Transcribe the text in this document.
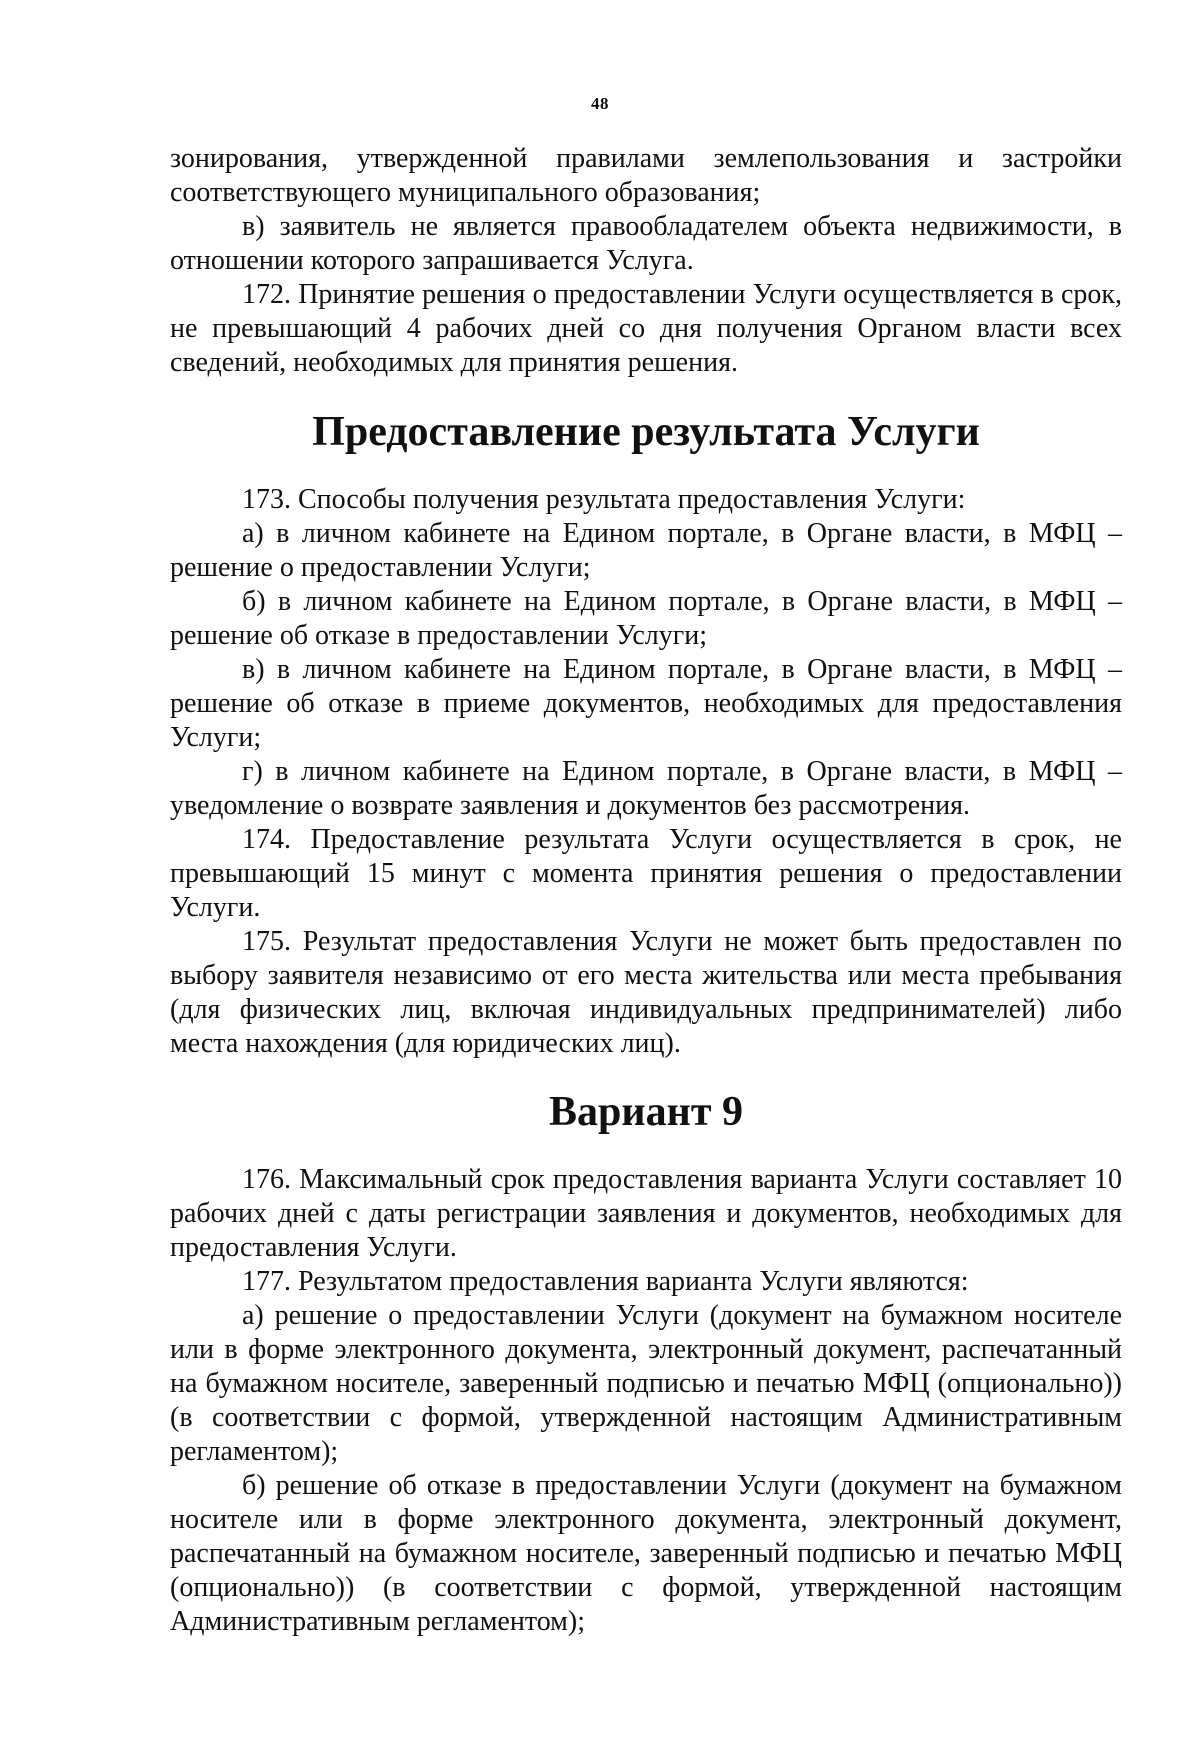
48

зонирования, утвержденной правилами землепользования и застройки соответствующего муниципального образования;

в) заявитель не является правообладателем объекта недвижимости, в отношении которого запрашивается Услуга.

172. Принятие решения о предоставлении Услуги осуществляется в срок, не превышающий 4 рабочих дней со дня получения Органом власти всех сведений, необходимых для принятия решения.

Предоставление результата Услуги

173. Способы получения результата предоставления Услуги:

а) в личном кабинете на Едином портале, в Органе власти, в МФЦ – решение о предоставлении Услуги;

б) в личном кабинете на Едином портале, в Органе власти, в МФЦ – решение об отказе в предоставлении Услуги;

в) в личном кабинете на Едином портале, в Органе власти, в МФЦ – решение об отказе в приеме документов, необходимых для предоставления Услуги;

г) в личном кабинете на Едином портале, в Органе власти, в МФЦ – уведомление о возврате заявления и документов без рассмотрения.

174. Предоставление результата Услуги осуществляется в срок, не превышающий 15 минут с момента принятия решения о предоставлении Услуги.

175. Результат предоставления Услуги не может быть предоставлен по выбору заявителя независимо от его места жительства или места пребывания (для физических лиц, включая индивидуальных предпринимателей) либо места нахождения (для юридических лиц).

Вариант 9

176. Максимальный срок предоставления варианта Услуги составляет 10 рабочих дней с даты регистрации заявления и документов, необходимых для предоставления Услуги.

177. Результатом предоставления варианта Услуги являются:

а) решение о предоставлении Услуги (документ на бумажном носителе или в форме электронного документа, электронный документ, распечатанный на бумажном носителе, заверенный подписью и печатью МФЦ (опционально)) (в соответствии с формой, утвержденной настоящим Административным регламентом);

б) решение об отказе в предоставлении Услуги (документ на бумажном носителе или в форме электронного документа, электронный документ, распечатанный на бумажном носителе, заверенный подписью и печатью МФЦ (опционально)) (в соответствии с формой, утвержденной настоящим Административным регламентом);
